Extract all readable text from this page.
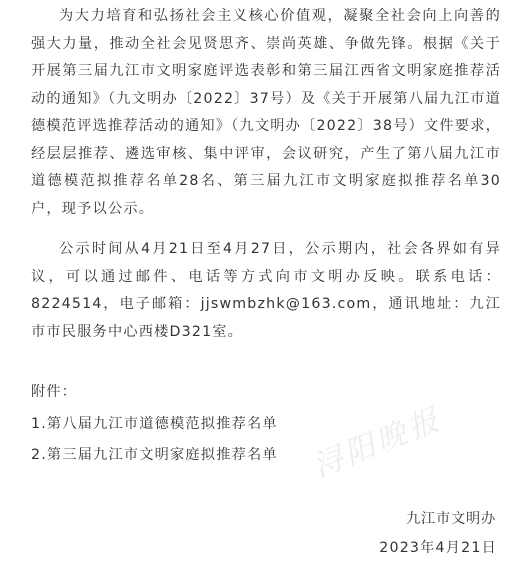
为大力培育和弘扬社会主义核心价值观，凝聚全社会向上向善的强大力量，推动全社会见贤思齐、崇尚英雄、争做先锋。根据《关于开展第三届九江市文明家庭评选表彰和第三届江西省文明家庭推荐活动的通知》（九文明办〔2022〕37号）及《关于开展第八届九江市道德模范评选推荐活动的通知》（九文明办〔2022〕38号）文件要求，经层层推荐、遴选审核、集中评审，会议研究，产生了第八届九江市道德模范拟推荐名单28名、第三届九江市文明家庭拟推荐名单30户，现予以公示。

公示时间从4月21日至4月27日，公示期内，社会各界如有异议，可以通过邮件、电话等方式向市文明办反映。联系电话：8224514，电子邮箱：jjswmbzhk@163.com，通讯地址：九江市市民服务中心西楼D321室。

附件：
1.第八届九江市道德模范拟推荐名单
2.第三届九江市文明家庭拟推荐名单 浔阳晚报
九江市文明办
2023年4月21日
